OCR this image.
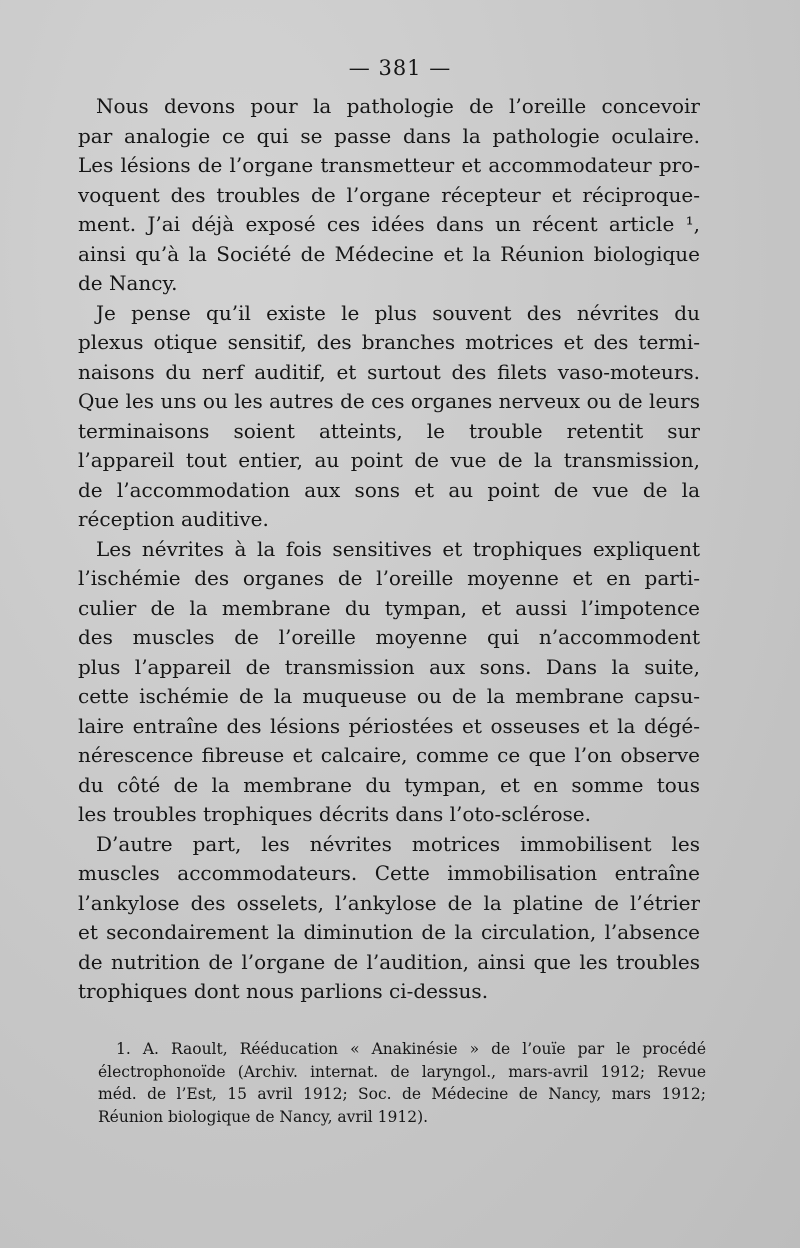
— 381 —
Nous devons pour la pathologie de l’oreille concevoir
par analogie ce qui se passe dans la pathologie oculaire.
Les lésions de l’organe transmetteur et accommodateur pro-
voquent des troubles de l’organe récepteur et réciproque-
ment. J’ai déjà exposé ces idées dans un récent article ¹,
ainsi qu’à la Société de Médecine et la Réunion biologique
de Nancy.
Je pense qu’il existe le plus souvent des névrites du
plexus otique sensitif, des branches motrices et des termi-
naisons du nerf auditif, et surtout des filets vaso-moteurs.
Que les uns ou les autres de ces organes nerveux ou de leurs
terminaisons soient atteints, le trouble retentit sur
l’appareil tout entier, au point de vue de la transmission,
de l’accommodation aux sons et au point de vue de la
réception auditive.
Les névrites à la fois sensitives et trophiques expliquent
l’ischémie des organes de l’oreille moyenne et en parti-
culier de la membrane du tympan, et aussi l’impotence
des muscles de l’oreille moyenne qui n’accommodent
plus l’appareil de transmission aux sons. Dans la suite,
cette ischémie de la muqueuse ou de la membrane capsu-
laire entraîne des lésions périostées et osseuses et la dégé-
nérescence fibreuse et calcaire, comme ce que l’on observe
du côté de la membrane du tympan, et en somme tous
les troubles trophiques décrits dans l’oto-sclérose.
D’autre part, les névrites motrices immobilisent les
muscles accommodateurs. Cette immobilisation entraîne
l’ankylose des osselets, l’ankylose de la platine de l’étrier
et secondairement la diminution de la circulation, l’absence
de nutrition de l’organe de l’audition, ainsi que les troubles
trophiques dont nous parlions ci-dessus.
1. A. Raoult, Rééducation « Anakinésie » de l’ouïe par le procédé
électrophonoïde (Archiv. internat. de laryngol., mars-avril 1912; Revue
méd. de l’Est, 15 avril 1912; Soc. de Médecine de Nancy, mars 1912;
Réunion biologique de Nancy, avril 1912).
